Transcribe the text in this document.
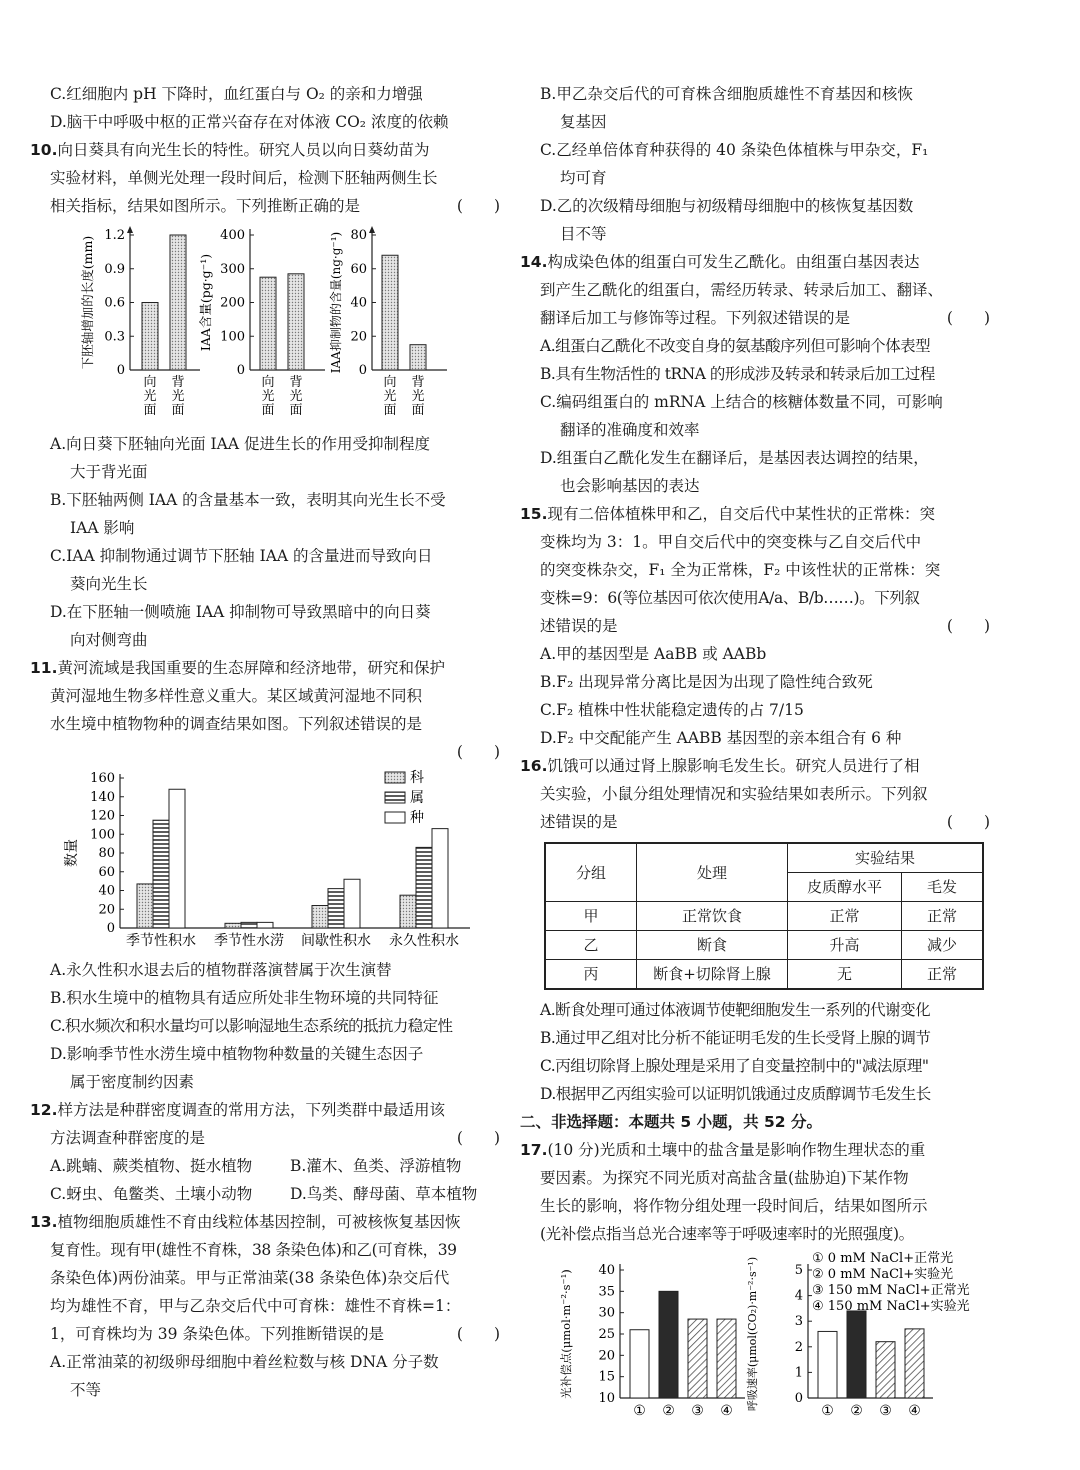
C.红细胞内 pH 下降时，血红蛋白与 O₂ 的亲和力增强
D.脑干中呼吸中枢的正常兴奋存在对体液 CO₂ 浓度的依赖
10.向日葵具有向光生长的特性。研究人员以向日葵幼苗为
实验材料，单侧光处理一段时间后，检测下胚轴两侧生长
相关指标，结果如图所示。下列推断正确的是	(　　)
下胚轴增加的长度(mm)
0
0.3
0.6
0.9
1.2
向
光
面
背
光
面
IAA含量(pg·g⁻¹)
0
100
200
300
400
向
光
面
背
光
面
IAA抑制物的含量(ng·g⁻¹) 0
20
40
60
80
向
光
面
背
光
面
A.向日葵下胚轴向光面 IAA 促进生长的作用受抑制程度
大于背光面
B.下胚轴两侧 IAA 的含量基本一致，表明其向光生长不受
IAA 影响
C.IAA 抑制物通过调节下胚轴 IAA 的含量进而导致向日
葵向光生长
D.在下胚轴一侧喷施 IAA 抑制物可导致黑暗中的向日葵
向对侧弯曲
11.黄河流域是我国重要的生态屏障和经济地带，研究和保护
黄河湿地生物多样性意义重大。某区域黄河湿地不同积
水生境中植物物种的调查结果如图。下列叙述错误的是
(　　)
数量
0
20
40
60
80
100
120
140
160
季节性积水 季节性水涝 间歇性积水 永久性积水
科
属
种
A.永久性积水退去后的植物群落演替属于次生演替
B.积水生境中的植物具有适应所处非生物环境的共同特征
C.积水频次和积水量均可以影响湿地生态系统的抵抗力稳定性
D.影响季节性水涝生境中植物物种数量的关键生态因子
属于密度制约因素
12.样方法是种群密度调查的常用方法，下列类群中最适用该
方法调查种群密度的是	(　　)
A.跳蝻、蕨类植物、挺水植物 B.灌木、鱼类、浮游植物
C.蚜虫、龟鳖类、土壤小动物 D.鸟类、酵母菌、草本植物
13.植物细胞质雄性不育由线粒体基因控制，可被核恢复基因恢
复育性。现有甲(雄性不育株，38 条染色体)和乙(可育株，39
条染色体)两份油菜。甲与正常油菜(38 条染色体)杂交后代
均为雄性不育，甲与乙杂交后代中可育株：雄性不育株=1：
1，可育株均为 39 条染色体。下列推断错误的是	(　　)
A.正常油菜的初级卵母细胞中着丝粒数与核 DNA 分子数
不等
B.甲乙杂交后代的可育株含细胞质雄性不育基因和核恢
复基因
C.乙经单倍体育种获得的 40 条染色体植株与甲杂交，F₁
均可育
D.乙的次级精母细胞与初级精母细胞中的核恢复基因数
目不等
14.构成染色体的组蛋白可发生乙酰化。由组蛋白基因表达
到产生乙酰化的组蛋白，需经历转录、转录后加工、翻译、
翻译后加工与修饰等过程。下列叙述错误的是	(　　)
A.组蛋白乙酰化不改变自身的氨基酸序列但可影响个体表型
B.具有生物活性的 tRNA 的形成涉及转录和转录后加工过程
C.编码组蛋白的 mRNA 上结合的核糖体数量不同，可影响
翻译的准确度和效率
D.组蛋白乙酰化发生在翻译后，是基因表达调控的结果，
也会影响基因的表达
15.现有二倍体植株甲和乙，自交后代中某性状的正常株：突
变株均为 3：1。甲自交后代中的突变株与乙自交后代中
的突变株杂交，F₁ 全为正常株，F₂ 中该性状的正常株：突
变株=9：6(等位基因可依次使用A/a、B/b……)。下列叙
述错误的是	(　　)
A.甲的基因型是 AaBB 或 AABb
B.F₂ 出现异常分离比是因为出现了隐性纯合致死
C.F₂ 植株中性状能稳定遗传的占 7/15
D.F₂ 中交配能产生 AABB 基因型的亲本组合有 6 种
16.饥饿可以通过肾上腺影响毛发生长。研究人员进行了相
关实验，小鼠分组处理情况和实验结果如表所示。下列叙
述错误的是	(　　)
分组	处理	实验结果	
		皮质醇水平	毛发
甲	正常饮食	正常	正常
乙	断食	升高	减少
丙	断食+切除肾上腺	无	正常
A.断食处理可通过体液调节使靶细胞发生一系列的代谢变化
B.通过甲乙组对比分析不能证明毛发的生长受肾上腺的调节
C.丙组切除肾上腺处理是采用了自变量控制中的"减法原理"
D.根据甲乙丙组实验可以证明饥饿通过皮质醇调节毛发生长
二、非选择题：本题共 5 小题，共 52 分。
17.(10 分)光质和土壤中的盐含量是影响作物生理状态的重
要因素。为探究不同光质对高盐含量(盐胁迫)下某作物
生长的影响，将作物分组处理一段时间后，结果如图所示
(光补偿点指当总光合速率等于呼吸速率时的光照强度)。
光补偿点(μmol·m⁻²·s⁻¹) 10
15
20
25
30
35
40
① ② ③ ④ 呼吸速率(μmol(CO₂)·m⁻²·s⁻¹)	0
1
2
3
4
5
① ② ③ ④
① 0 mM NaCl+正常光
② 0 mM NaCl+实验光
③ 150 mM NaCl+正常光
④ 150 mM NaCl+实验光
